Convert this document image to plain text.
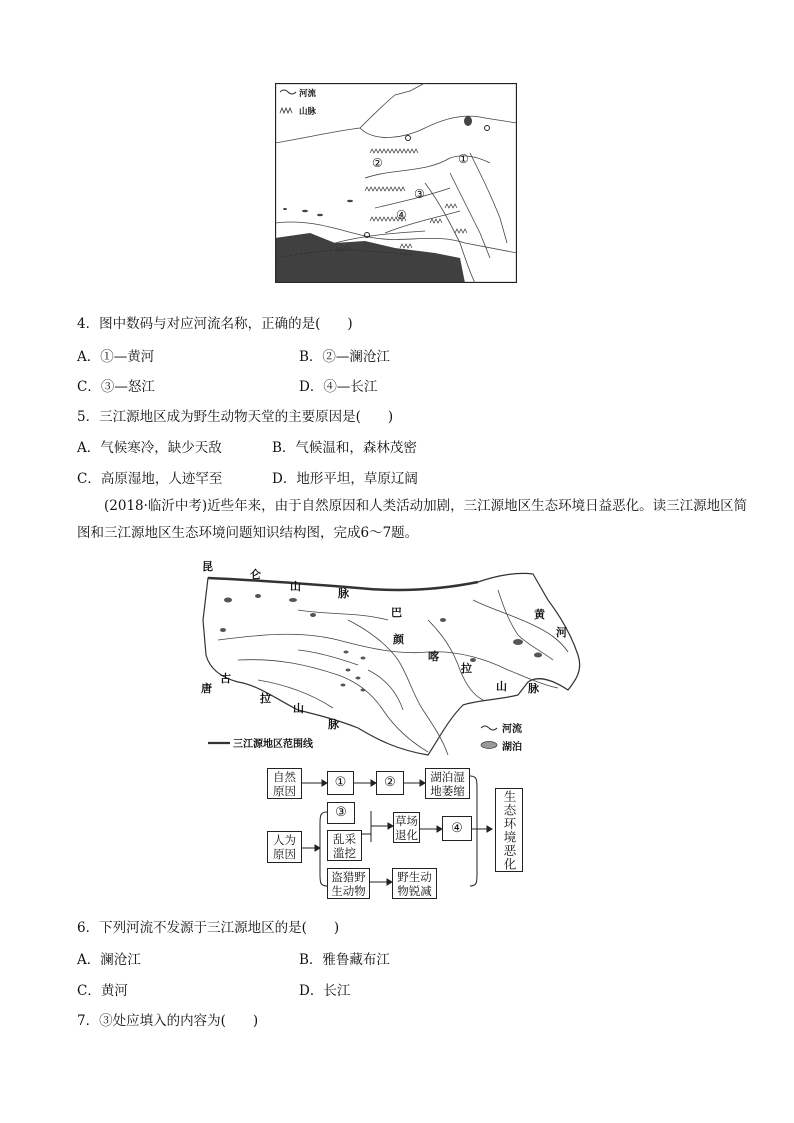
河流
山脉
①
②
③
④
4．图中数码与对应河流名称，正确的是(　　)
A．①—黄河	B．②—澜沧江
C．③—怒江	D．④—长江
5．三江源地区成为野生动物天堂的主要原因是(　　)
A．气候寒冷，缺少天敌	B．气候温和，森林茂密
C．高原湿地，人迹罕至	D．地形平坦，草原辽阔
(2018·临沂中考)近些年来，由于自然原因和人类活动加剧，三江源地区生态环境日益恶化。读三江源地区简图和三江源地区生态环境问题知识结构图，完成6～7题。
昆
仑
山
脉
巴
颜
喀
拉
山 脉
黄
河
唐
古
拉
山
脉
三江源地区范围线
河流
湖泊
自然原因
①	②	湖泊湿地萎缩
人为原因
③
乱采滥挖
草场退化	④
盗猎野生动物
野生动物锐减
生态环境恶化
6．下列河流不发源于三江源地区的是(　　)
A．澜沧江	B．雅鲁藏布江
C．黄河	D．长江
7．③处应填入的内容为(　　)
